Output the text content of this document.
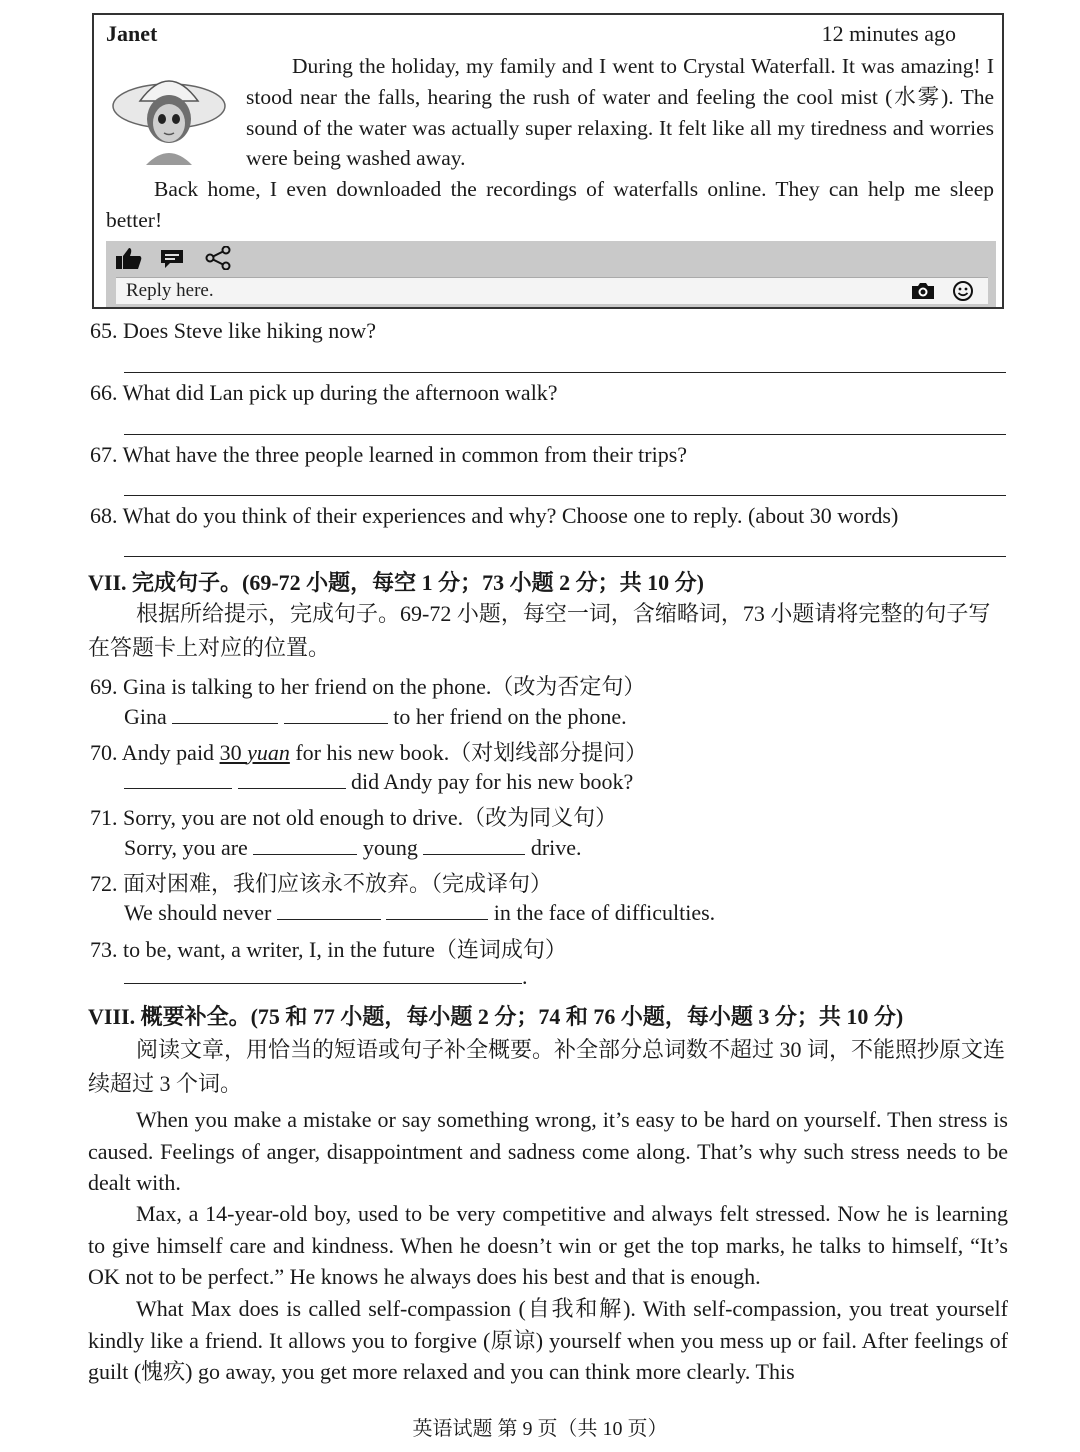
Janet	12 minutes ago
During the holiday, my family and I went to Crystal Waterfall. It was amazing! I stood near the falls, hearing the rush of water and feeling the cool mist (水雾). The sound of the water was actually super relaxing. It felt like all my tiredness and worries were being washed away.
Back home, I even downloaded the recordings of waterfalls online. They can help me sleep better!
Reply here.
65. Does Steve like hiking now?
66. What did Lan pick up during the afternoon walk?
67. What have the three people learned in common from their trips?
68. What do you think of their experiences and why? Choose one to reply. (about 30 words)
VII. 完成句子。(69-72 小题，每空 1 分；73 小题 2 分；共 10 分)
根据所给提示，完成句子。69-72 小题，每空一词，含缩略词，73 小题请将完整的句子写在答题卡上对应的位置。
69. Gina is talking to her friend on the phone.（改为否定句）
Gina	to her friend on the phone.
70. Andy paid 30 yuan for his new book.（对划线部分提问）
did Andy pay for his new book?
71. Sorry, you are not old enough to drive.（改为同义句）
Sorry, you are	young	drive.
72. 面对困难，我们应该永不放弃。（完成译句）
We should never	in the face of difficulties.
73. to be, want, a writer, I, in the future（连词成句）
.
VIII. 概要补全。(75 和 77 小题，每小题 2 分；74 和 76 小题，每小题 3 分；共 10 分)
阅读文章，用恰当的短语或句子补全概要。补全部分总词数不超过 30 词，不能照抄原文连续超过 3 个词。
When you make a mistake or say something wrong, it’s easy to be hard on yourself. Then stress is caused. Feelings of anger, disappointment and sadness come along. That’s why such stress needs to be dealt with.
Max, a 14-year-old boy, used to be very competitive and always felt stressed. Now he is learning to give himself care and kindness. When he doesn’t win or get the top marks, he talks to himself, “It’s OK not to be perfect.” He knows he always does his best and that is enough.
What Max does is called self-compassion (自我和解). With self-compassion, you treat yourself kindly like a friend. It allows you to forgive (原谅) yourself when you mess up or fail. After feelings of guilt (愧疚) go away, you get more relaxed and you can think more clearly. This
英语试题 第 9 页（共 10 页）
